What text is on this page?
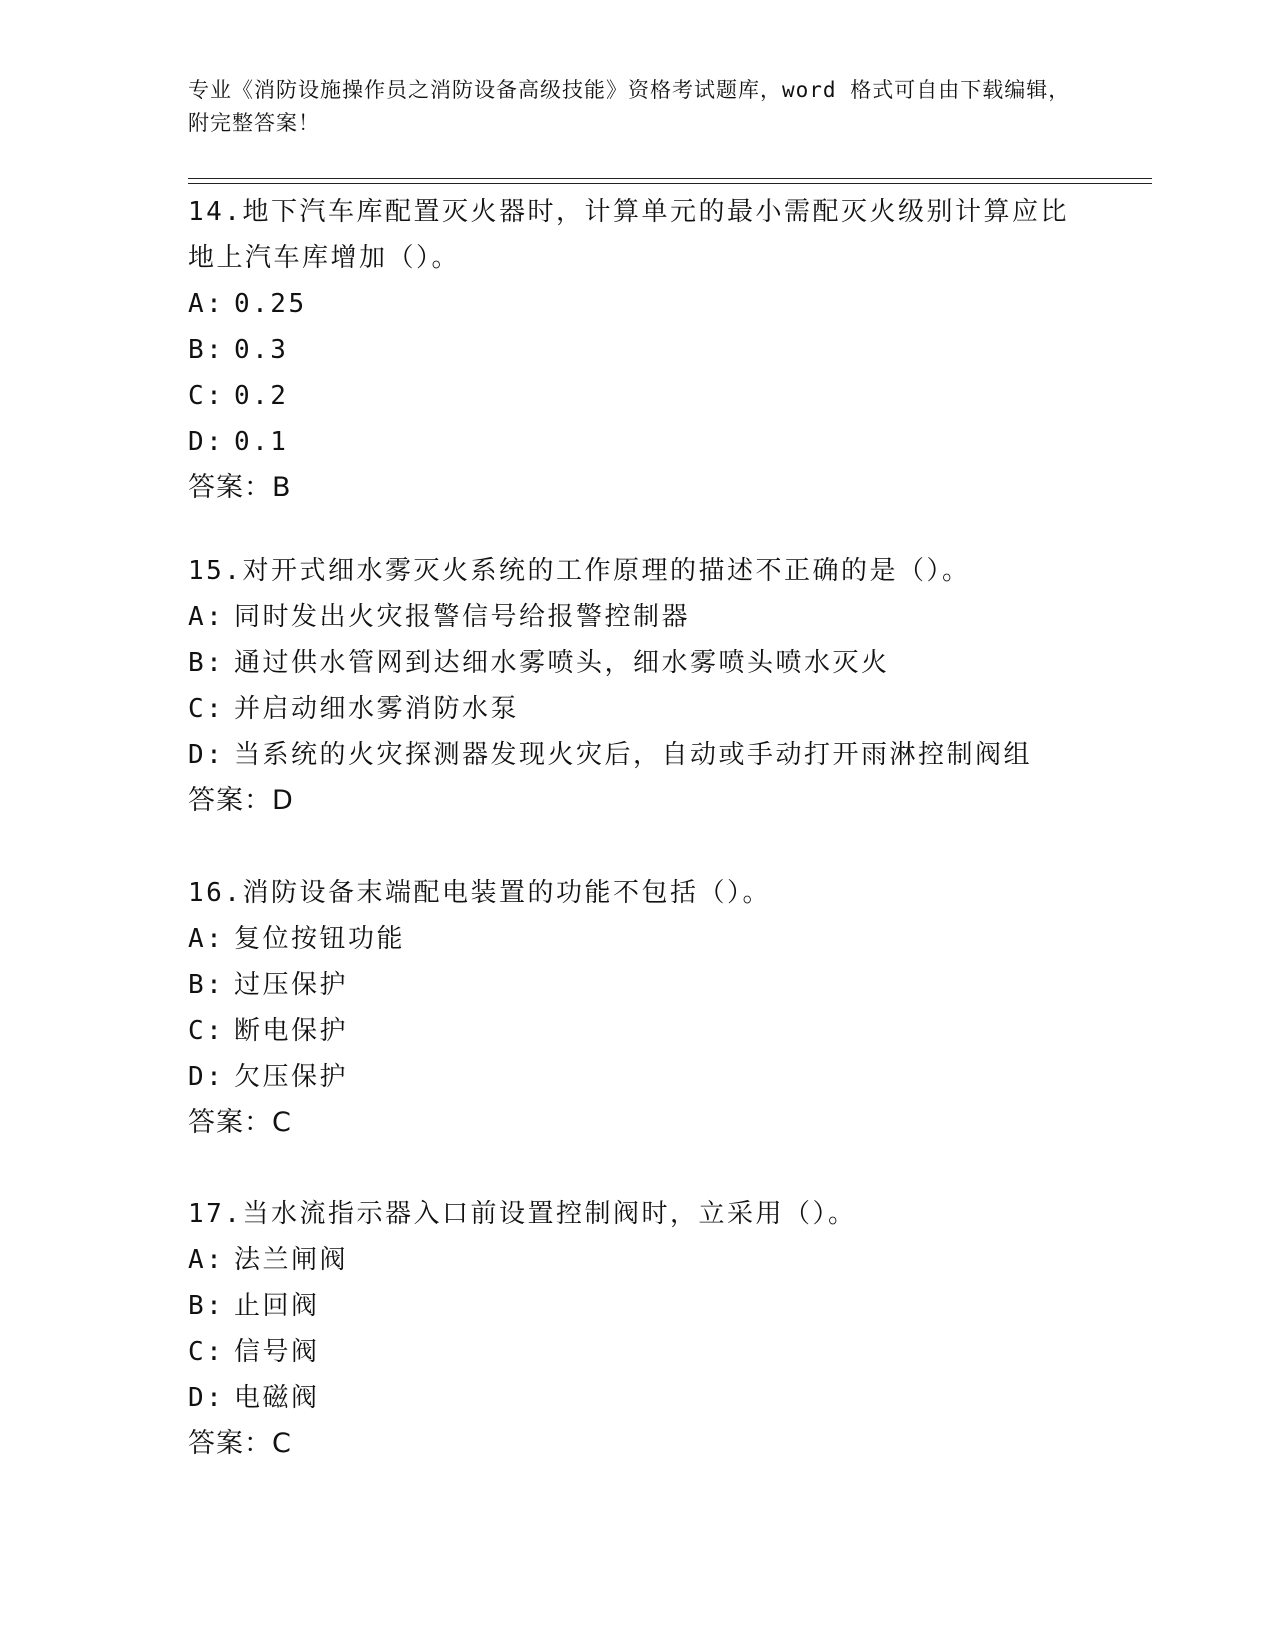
专业《消防设施操作员之消防设备高级技能》资格考试题库，word 格式可自由下载编辑，附完整答案！

14.地下汽车库配置灭火器时，计算单元的最小需配灭火级别计算应比地上汽车库增加（）。

A: 0.25

B: 0.3

C: 0.2

D: 0.1

答案：B

15.对开式细水雾灭火系统的工作原理的描述不正确的是（）。

A: 同时发出火灾报警信号给报警控制器

B: 通过供水管网到达细水雾喷头，细水雾喷头喷水灭火

C: 并启动细水雾消防水泵

D: 当系统的火灾探测器发现火灾后，自动或手动打开雨淋控制阀组

答案：D

16.消防设备末端配电装置的功能不包括（）。

A: 复位按钮功能

B: 过压保护

C: 断电保护

D: 欠压保护

答案：C

17.当水流指示器入口前设置控制阀时，立采用（）。

A: 法兰闸阀

B: 止回阀

C: 信号阀

D: 电磁阀

答案：C
